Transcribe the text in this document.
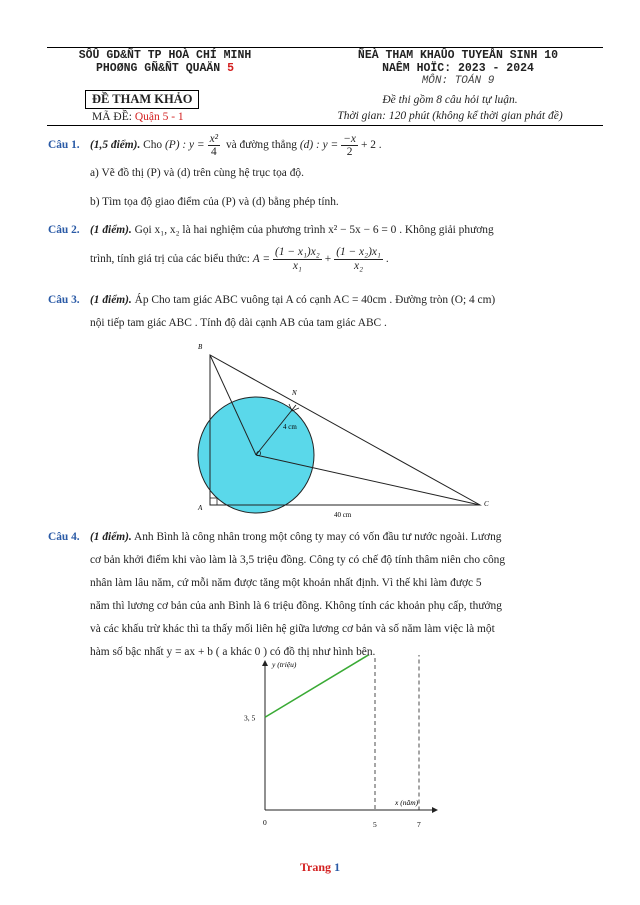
SÔÛ GD&ÑT TP HOÀ CHÍ MINH
PHOØNG GÑ&ÑT QUAÄN 5
ÑEÀ THAM KHAÛO TUYEÅN SINH 10
NAÊM HOÏC: 2023 - 2024
MÔN: TOÁN 9
ĐỀ THAM KHẢO
MÃ ĐỀ: Quận 5 - 1
Đề thi gồm 8 câu hỏi tự luận.
Thời gian: 120 phút (không kể thời gian phát đề)
Câu 1. (1,5 điểm). Cho (P) : $y = \frac{\text{x²}}{4}$ và đường thẳng (d) : $y = \frac{-x}{2} + 2$ .
a) Vẽ đồ thị (P) và (d) trên cùng hệ trục tọa độ.
b) Tìm tọa độ giao điểm của (P) và (d) bằng phép tính.
Câu 2. (1 điểm). Gọi x₁, x₂ là hai nghiệm của phương trình x² − 5x − 6 = 0 . Không giải phương
trình, tính giá trị của các biểu thức: $A = \frac{\text{(1 − x₁)x₂}}{\text{x₁}} + \frac{\text{(1 − x₂)x₁}}{\text{x₂}}$ .
Câu 3. (1 điểm). Áp Cho tam giác ABC vuông tại A có cạnh AC = 40cm . Đường tròn (O; 4 cm)
nội tiếp tam giác ABC . Tính độ dài cạnh AB của tam giác ABC .
B
N
O
A	C
4 cm
40 cm
Câu 4. (1 điểm). Anh Bình là công nhân trong một công ty may có vốn đầu tư nước ngoài. Lương
cơ bản khởi điểm khi vào làm là 3,5 triệu đồng. Công ty có chế độ tính thâm niên cho công
nhân làm lâu năm, cứ mỗi năm được tăng một khoản nhất định. Vì thế khi làm được 5
năm thì lương cơ bản của anh Bình là 6 triệu đồng. Không tính các khoản phụ cấp, thưởng
và các khấu trừ khác thì ta thấy mối liên hệ giữa lương cơ bản và số năm làm việc là một
hàm số bậc nhất y = ax + b ( a khác 0 ) có đồ thị như hình bên.
y (triệu)
x (năm)
0
3, 5
5	7
Trang 1
